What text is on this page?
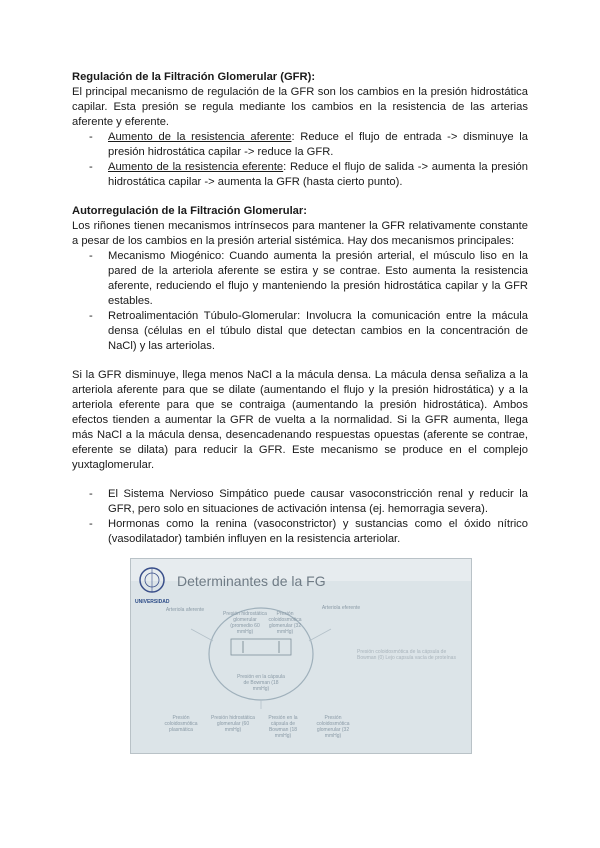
Regulación de la Filtración Glomerular (GFR):

El principal mecanismo de regulación de la GFR son los cambios en la presión hidrostática capilar. Esta presión se regula mediante los cambios en la resistencia de las arterias aferente y eferente.

- Aumento de la resistencia aferente: Reduce el flujo de entrada -> disminuye la presión hidrostática capilar -> reduce la GFR.
- Aumento de la resistencia eferente: Reduce el flujo de salida -> aumenta la presión hidrostática capilar -> aumenta la GFR (hasta cierto punto).

Autorregulación de la Filtración Glomerular:

Los riñones tienen mecanismos intrínsecos para mantener la GFR relativamente constante a pesar de los cambios en la presión arterial sistémica. Hay dos mecanismos principales:

- Mecanismo Miogénico: Cuando aumenta la presión arterial, el músculo liso en la pared de la arteriola aferente se estira y se contrae. Esto aumenta la resistencia aferente, reduciendo el flujo y manteniendo la presión hidrostática capilar y la GFR estables.
- Retroalimentación Túbulo-Glomerular: Involucra la comunicación entre la mácula densa (células en el túbulo distal que detectan cambios en la concentración de NaCl) y las arteriolas.

Si la GFR disminuye, llega menos NaCl a la mácula densa. La mácula densa señaliza a la arteriola aferente para que se dilate (aumentando el flujo y la presión hidrostática) y a la arteriola eferente para que se contraiga (aumentando la presión hidrostática). Ambos efectos tienden a aumentar la GFR de vuelta a la normalidad. Si la GFR aumenta, llega más NaCl a la mácula densa, desencadenando respuestas opuestas (aferente se contrae, eferente se dilata) para reducir la GFR. Este mecanismo se produce en el complejo yuxtaglomerular.

- El Sistema Nervioso Simpático puede causar vasoconstricción renal y reducir la GFR, pero solo en situaciones de activación intensa (ej. hemorragia severa).
- Hormonas como la renina (vasoconstrictor) y sustancias como el óxido nítrico (vasodilatador) también influyen en la resistencia arteriolar.
UNIVERSIDAD
Determinantes de la FG
Arteriola aferente	Arteriola eferente
Presión hidrostática glomerular (promedio 60 mmHg)
Presión coloidosmótica glomerular (32 mmHg)
Presión en la cápsula de Bowman (18 mmHg)
Presión coloidosmótica de la cápsula de Bowman (0) Lejo capsula vacía de proteínas
Presión coloidosmótica plasmática
Presión hidrostática glomerular (60 mmHg)
Presión en la cápsula de Bowman (18 mmHg)
Presión coloidosmótica glomerular (32 mmHg)
